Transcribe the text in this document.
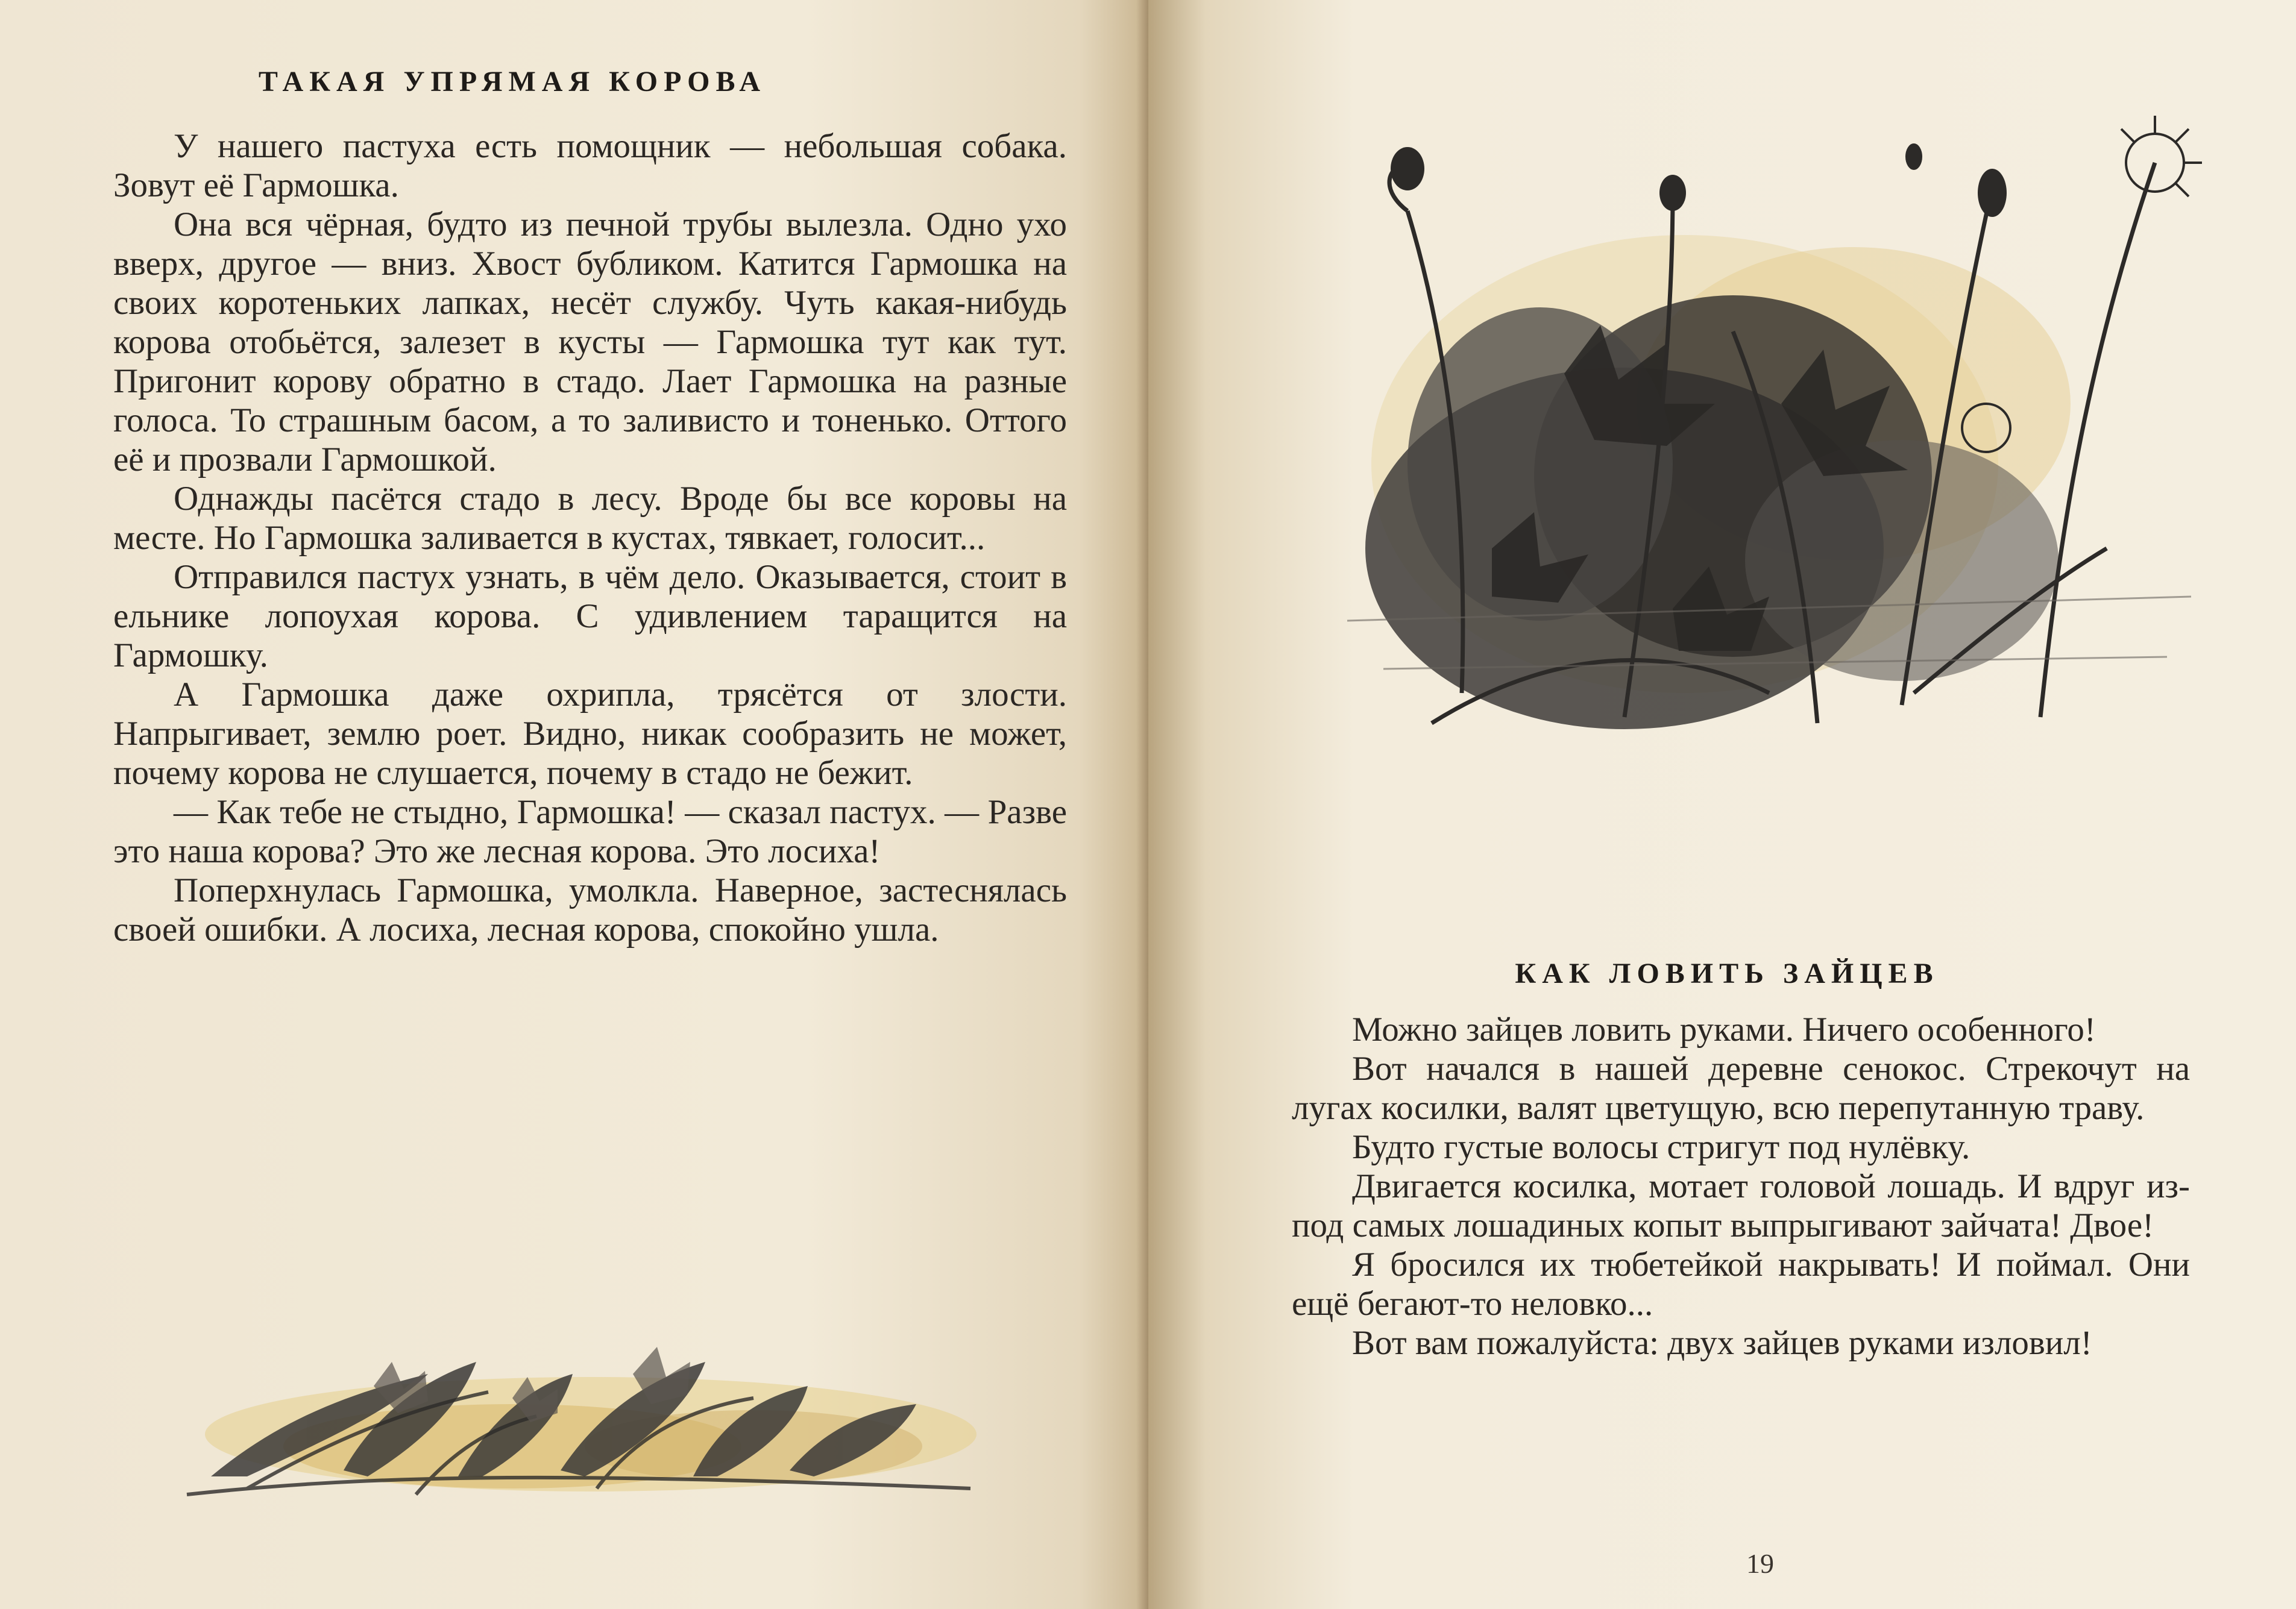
ТАКАЯ УПРЯМАЯ КОРОВА

У нашего пастуха есть помощник — небольшая собака. Зовут её Гармошка.

Она вся чёрная, будто из печной трубы вылезла. Одно ухо вверх, другое — вниз. Хвост бубликом. Катится Гармошка на своих коротеньких лапках, несёт службу. Чуть какая-нибудь корова отобьётся, залезет в кусты — Гармошка тут как тут. Пригонит корову обратно в стадо. Лает Гармошка на разные голоса. То страшным басом, а то заливисто и тоненько. Оттого её и прозвали Гармошкой.

Однажды пасётся стадо в лесу. Вроде бы все коровы на месте. Но Гармошка заливается в кустах, тявкает, голосит...

Отправился пастух узнать, в чём дело. Оказывается, стоит в ельнике лопоухая корова. С удивлением таращится на Гармошку.

А Гармошка даже охрипла, трясётся от злости. Напрыгивает, землю роет. Видно, никак сообразить не может, почему корова не слушается, почему в стадо не бежит.

— Как тебе не стыдно, Гармошка! — сказал пастух. — Разве это наша корова? Это же лесная корова. Это лосиха!

Поперхнулась Гармошка, умолкла. Наверное, застеснялась своей ошибки. А лосиха, лесная корова, спокойно ушла.

КАК ЛОВИТЬ ЗАЙЦЕВ

Можно зайцев ловить руками. Ничего особенного!

Вот начался в нашей деревне сенокос. Стрекочут на лугах косилки, валят цветущую, всю перепутанную траву.

Будто густые волосы стригут под нулёвку.

Двигается косилка, мотает головой лошадь. И вдруг из-под самых лошадиных копыт выпрыгивают зайчата! Двое!

Я бросился их тюбетейкой накрывать! И поймал. Они ещё бегают-то неловко...

Вот вам пожалуйста: двух зайцев руками изловил!

19
